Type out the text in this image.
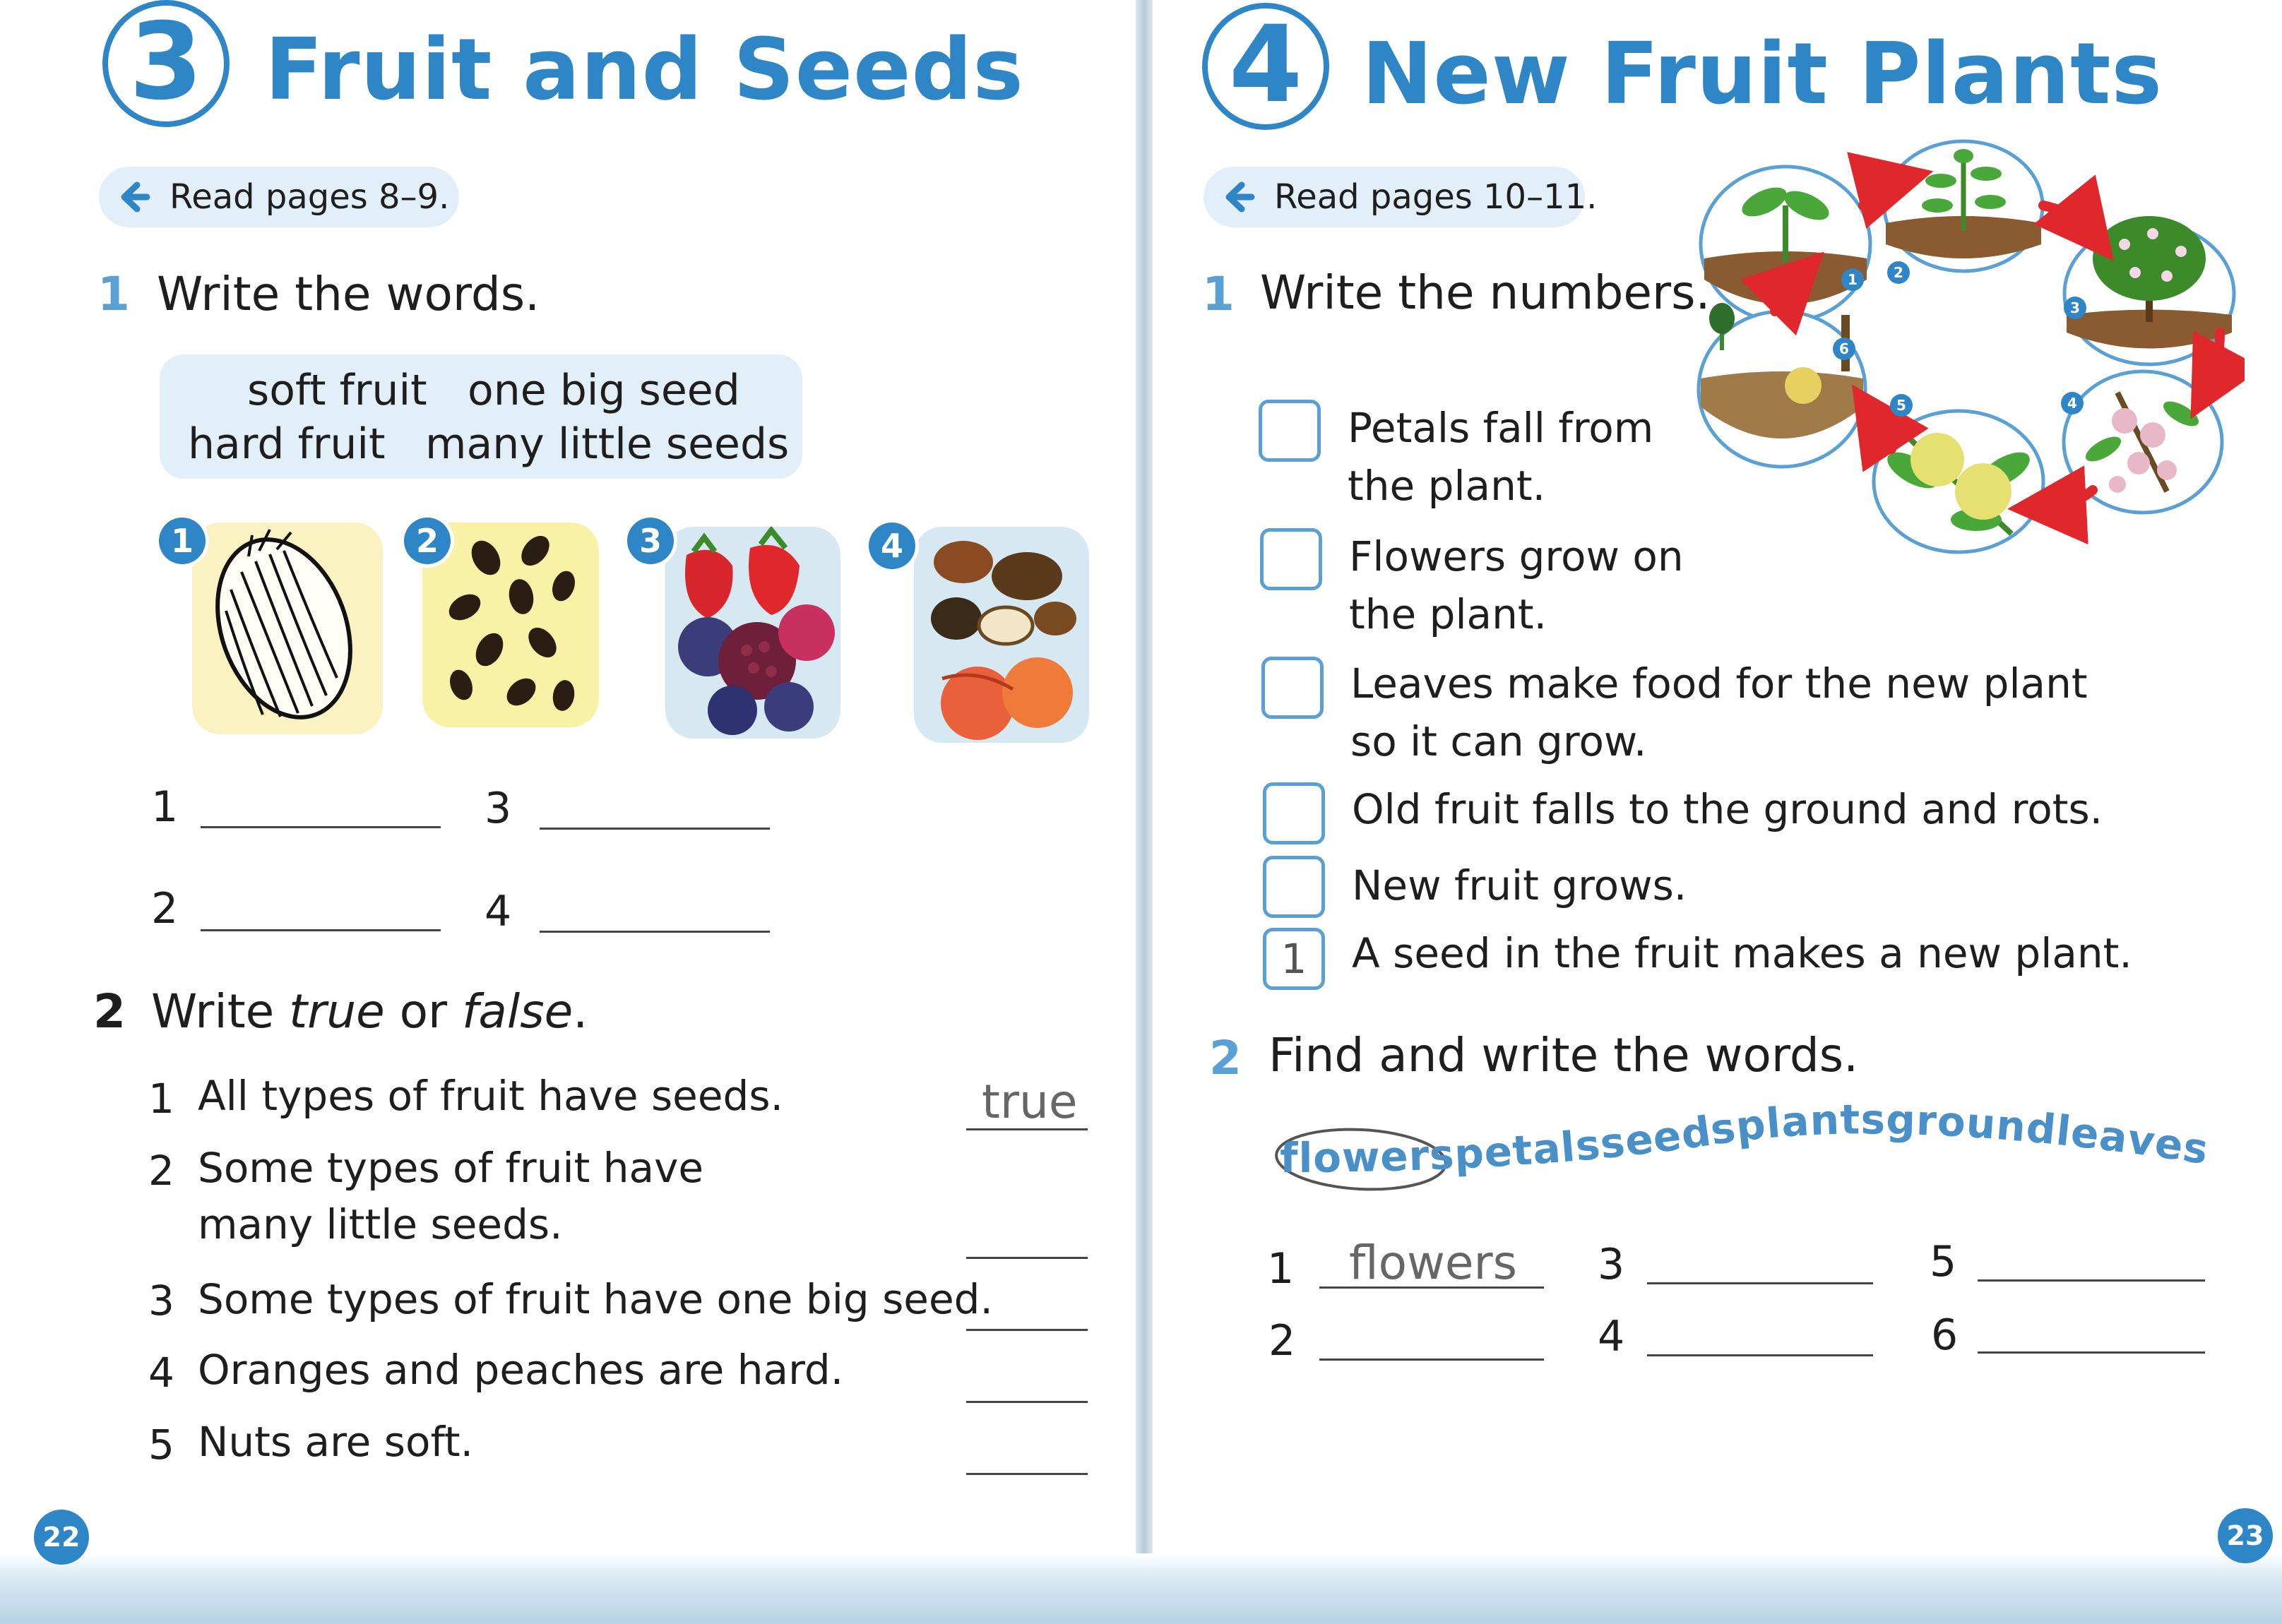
3 Fruit and Seeds
Read pages 8–9.
1 Write the words.
soft fruit one big seed
hard fruit many little seeds
1	2	3	4
1	3
2	4
2 Write true or false.
1 All types of fruit have seeds.	true
2 Some types of fruit have
many little seeds.
3 Some types of fruit have one big seed.
4 Oranges and peaches are hard.
5 Nuts are soft.
4 New Fruit Plants
Read pages 10–11.
1 Write the numbers.	1	2
3
4
5
6
Petals fall from
the plant.
Flowers grow on
the plant.
Leaves make food for the new plant
so it can grow.
Old fruit falls to the ground and rots.
New fruit grows.
1	A seed in the fruit makes a new plant.
2 Find and write the words.
flowerspetalsseedsplantsgroundleaves
1 flowers 3	5
2	4	6
22	23
